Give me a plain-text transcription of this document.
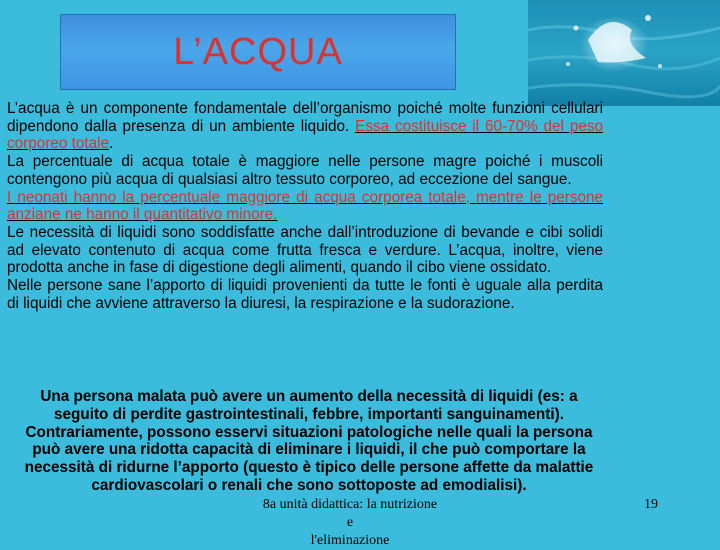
L’ACQUA

L’acqua è un componente fondamentale dell’organismo poiché molte funzioni cellulari dipendono dalla presenza di un ambiente liquido. Essa costituisce il 60-70% del peso corporeo totale.

La percentuale di acqua totale è maggiore nelle persone magre poiché i muscoli contengono più acqua di qualsiasi altro tessuto corporeo, ad eccezione del sangue.

I neonati hanno la percentuale maggiore di acqua corporea totale, mentre le persone anziane ne hanno il quantitativo minore.

Le necessità di liquidi sono soddisfatte anche dall’introduzione di bevande e cibi solidi ad elevato contenuto di acqua come frutta fresca e verdure. L’acqua, inoltre, viene prodotta anche in fase di digestione degli alimenti, quando il cibo viene ossidato.

Nelle persone sane l’apporto di liquidi provenienti da tutte le fonti è uguale alla perdita di liquidi che avviene attraverso la diuresi, la respirazione e la sudorazione.

Una persona malata può avere un aumento della necessità di liquidi (es: a seguito di perdite gastrointestinali, febbre, importanti sanguinamenti). Contrariamente, possono esservi situazioni patologiche nelle quali la persona può avere una ridotta capacità di eliminare i liquidi, il che può comportare la necessità di ridurne l’apporto (questo è tipico delle persone affette da malattie cardiovascolari o renali che sono sottoposte ad emodialisi).
8a unità didattica: la nutrizione e
l'eliminazione
19
